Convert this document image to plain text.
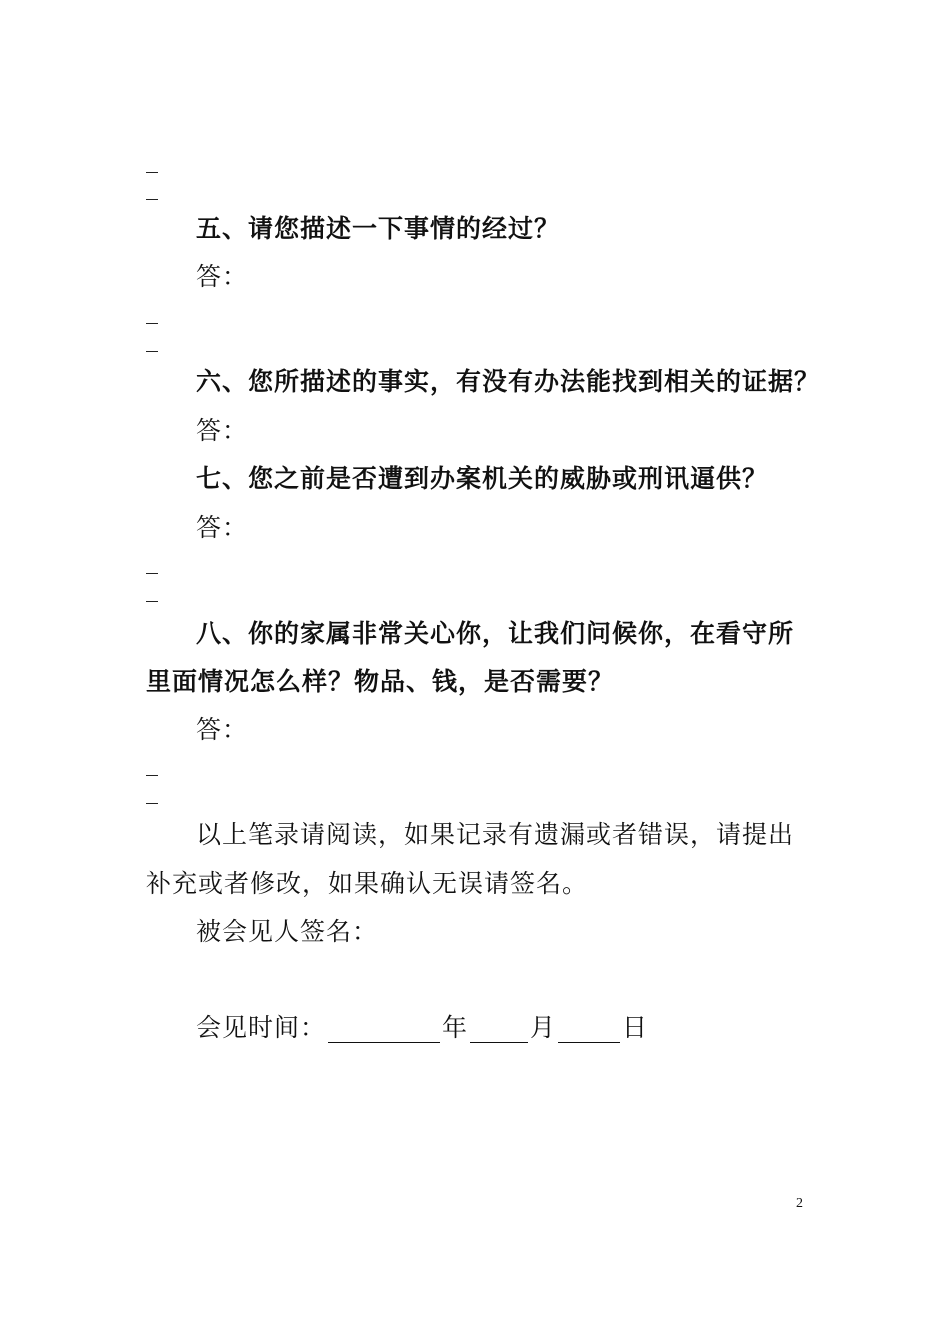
五、请您描述一下事情的经过？
答：
六、您所描述的事实，有没有办法能找到相关的证据？
答：
七、您之前是否遭到办案机关的威胁或刑讯逼供？
答：
八、你的家属非常关心你，让我们问候你，在看守所
里面情况怎么样？物品、钱，是否需要？
答：
以上笔录请阅读，如果记录有遗漏或者错误，请提出
补充或者修改，如果确认无误请签名。
被会见人签名：
会见时间：	年 月	日
2
